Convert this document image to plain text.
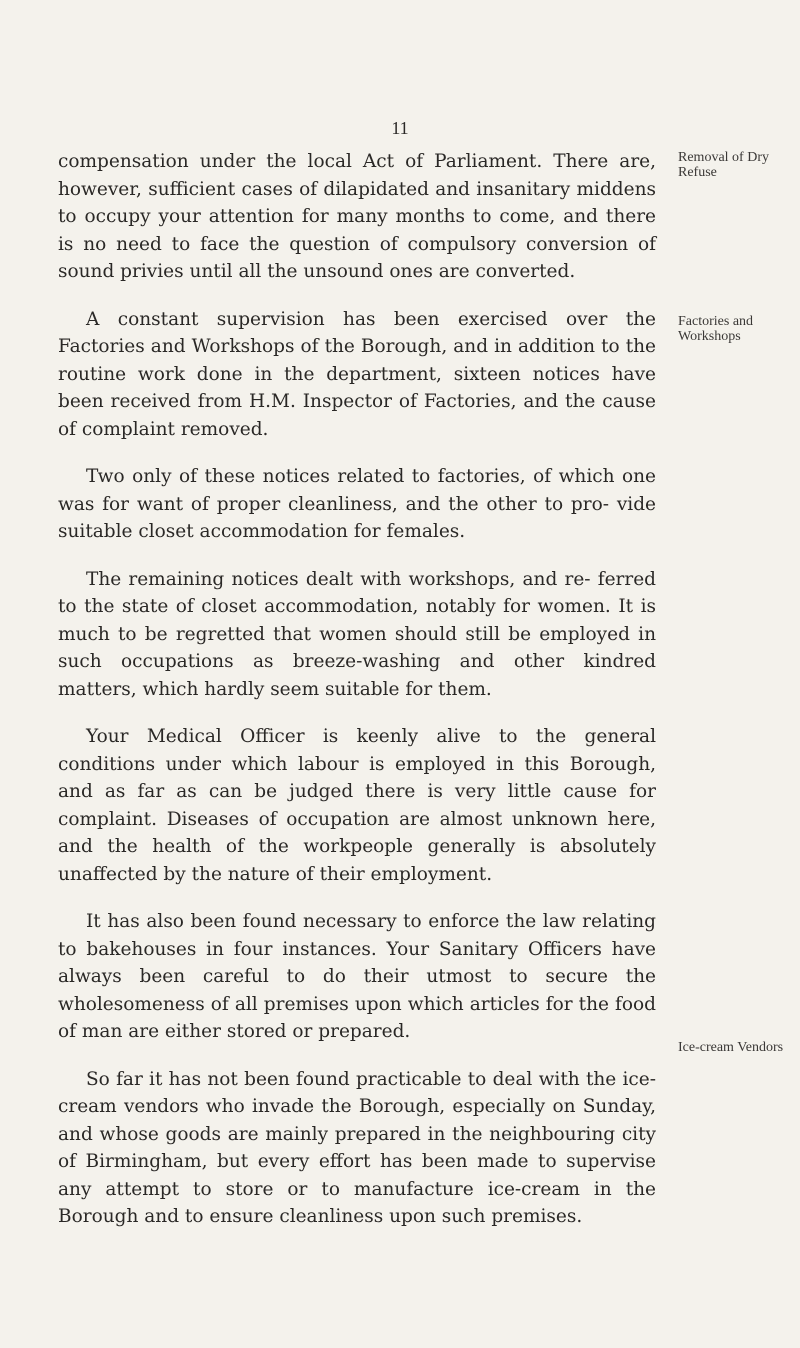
11

compensation under the local Act of Parliament. There are, however, sufficient cases of dilapidated and insanitary middens to occupy your attention for many months to come, and there is no need to face the question of compulsory conversion of sound privies until all the unsound ones are converted.

A constant supervision has been exercised over the Factories and Workshops of the Borough, and in addition to the routine work done in the department, sixteen notices have been received from H.M. Inspector of Factories, and the cause of complaint removed.

Two only of these notices related to factories, of which one was for want of proper cleanliness, and the other to pro- vide suitable closet accommodation for females.

The remaining notices dealt with workshops, and re- ferred to the state of closet accommodation, notably for women. It is much to be regretted that women should still be employed in such occupations as breeze-washing and other kindred matters, which hardly seem suitable for them.

Your Medical Officer is keenly alive to the general conditions under which labour is employed in this Borough, and as far as can be judged there is very little cause for complaint. Diseases of occupation are almost unknown here, and the health of the workpeople generally is absolutely unaffected by the nature of their employment.

It has also been found necessary to enforce the law relating to bakehouses in four instances. Your Sanitary Officers have always been careful to do their utmost to secure the wholesomeness of all premises upon which articles for the food of man are either stored or prepared.

So far it has not been found practicable to deal with the ice-cream vendors who invade the Borough, especially on Sunday, and whose goods are mainly prepared in the neighbouring city of Birmingham, but every effort has been made to supervise any attempt to store or to manufacture ice-cream in the Borough and to ensure cleanliness upon such premises.

Removal of Dry Refuse
Factories and Workshops
Ice-cream Vendors
